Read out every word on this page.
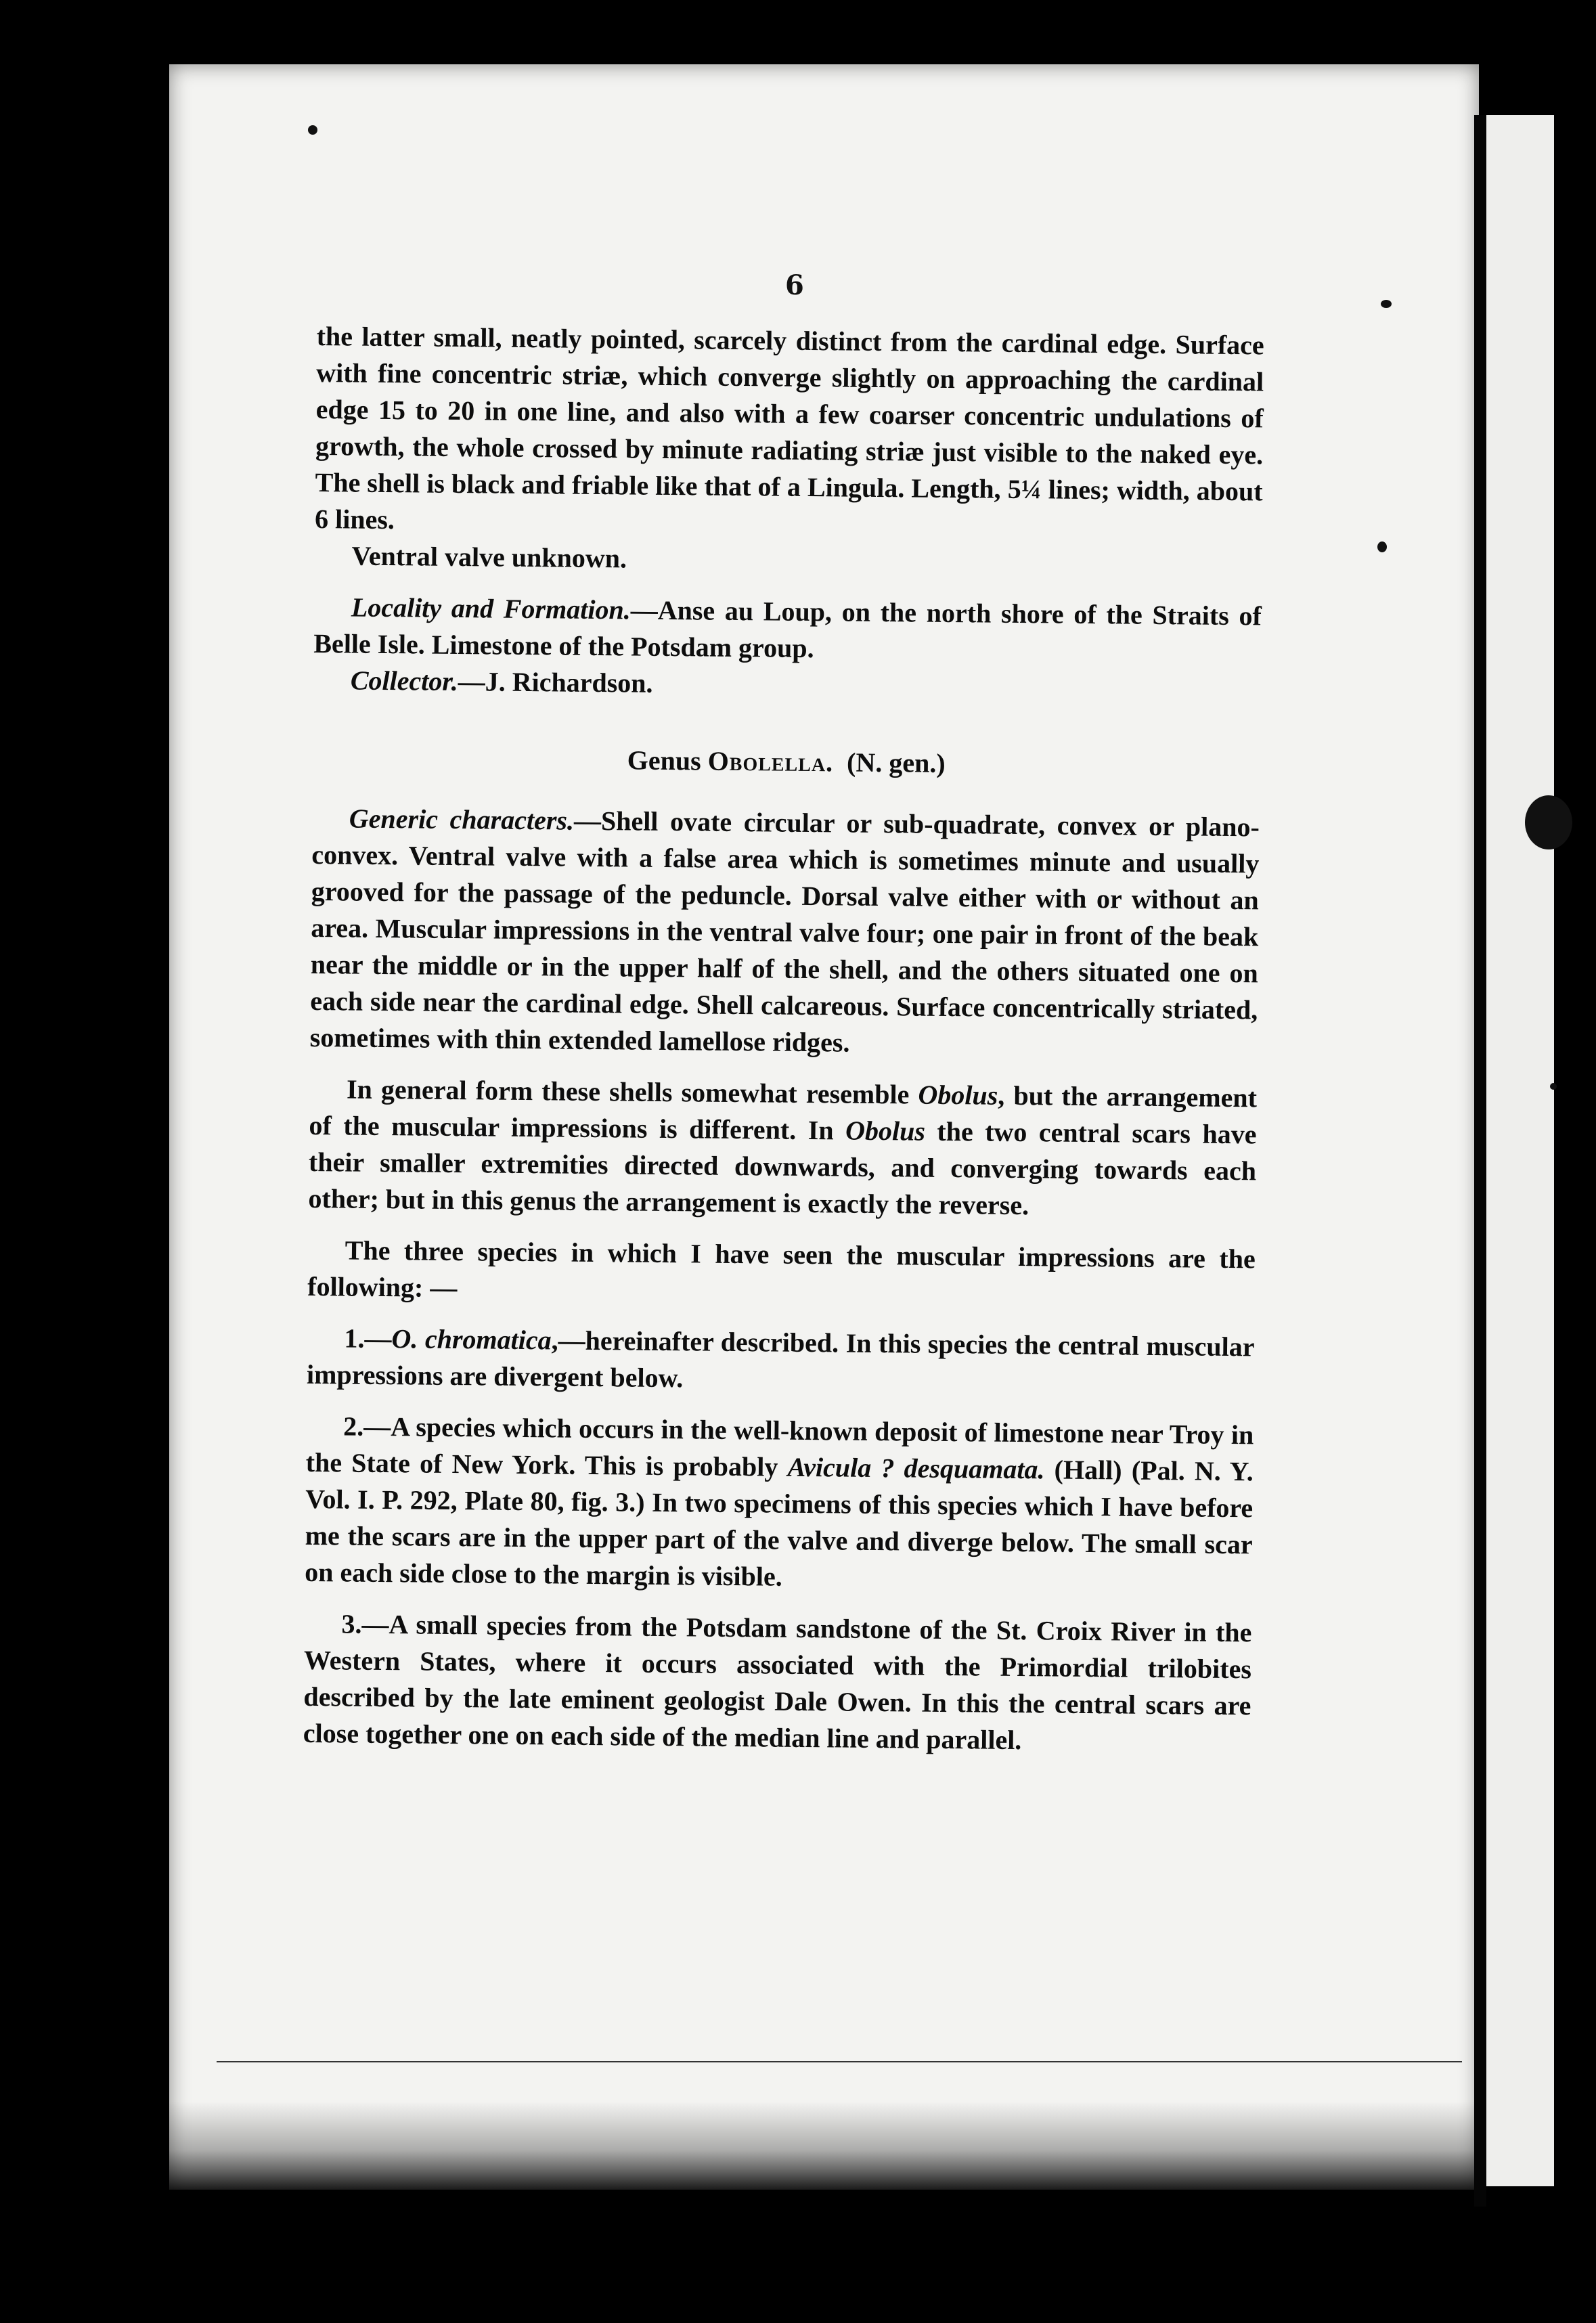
6

the latter small, neatly pointed, scarcely distinct from the cardinal edge. Surface with fine concentric striæ, which converge slightly on approaching the cardinal edge 15 to 20 in one line, and also with a few coarser concentric undulations of growth, the whole crossed by minute radiating striæ just visible to the naked eye. The shell is black and friable like that of a Lingula. Length, 5¼ lines; width, about 6 lines.

Ventral valve unknown.

Locality and Formation.—Anse au Loup, on the north shore of the Straits of Belle Isle. Limestone of the Potsdam group.

Collector.—J. Richardson.

Genus Obolella. (N. gen.)

Generic characters.—Shell ovate circular or sub-quadrate, convex or plano-convex. Ventral valve with a false area which is sometimes minute and usually grooved for the passage of the peduncle. Dorsal valve either with or without an area. Muscular impressions in the ventral valve four; one pair in front of the beak near the middle or in the upper half of the shell, and the others situated one on each side near the cardinal edge. Shell calcareous. Surface concentrically striated, sometimes with thin extended lamellose ridges.

In general form these shells somewhat resemble Obolus, but the arrangement of the muscular impressions is different. In Obolus the two central scars have their smaller extremities directed downwards, and converging towards each other; but in this genus the arrangement is exactly the reverse.

The three species in which I have seen the muscular impressions are the following: —

1.—O. chromatica,—hereinafter described. In this species the central muscular impressions are divergent below.

2.—A species which occurs in the well-known deposit of limestone near Troy in the State of New York. This is probably Avicula ? desquamata. (Hall) (Pal. N. Y. Vol. I. P. 292, Plate 80, fig. 3.) In two specimens of this species which I have before me the scars are in the upper part of the valve and diverge below. The small scar on each side close to the margin is visible.

3.—A small species from the Potsdam sandstone of the St. Croix River in the Western States, where it occurs associated with the Primordial trilobites described by the late eminent geologist Dale Owen. In this the central scars are close together one on each side of the median line and parallel.
